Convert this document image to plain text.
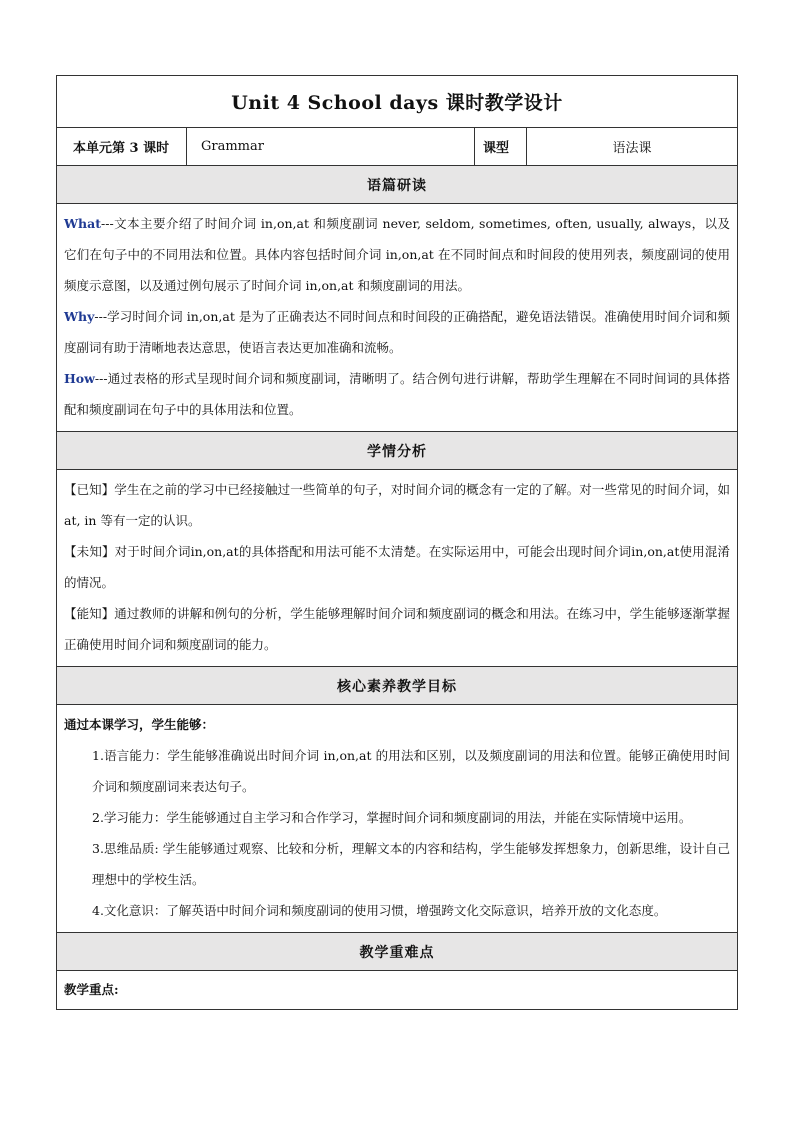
Unit 4 School days 课时教学设计
本单元第 3 课时	Grammar	课型	语法课
语篇研读

What---文本主要介绍了时间介词 in,on,at 和频度副词 never, seldom, sometimes, often, usually, always，以及它们在句子中的不同用法和位置。具体内容包括时间介词 in,on,at 在不同时间点和时间段的使用列表，频度副词的使用频度示意图，以及通过例句展示了时间介词 in,on,at 和频度副词的用法。

Why---学习时间介词 in,on,at 是为了正确表达不同时间点和时间段的正确搭配，避免语法错误。准确使用时间介词和频度副词有助于清晰地表达意思，使语言表达更加准确和流畅。

How---通过表格的形式呈现时间介词和频度副词，清晰明了。结合例句进行讲解，帮助学生理解在不同时间词的具体搭配和频度副词在句子中的具体用法和位置。

学情分析

【已知】学生在之前的学习中已经接触过一些简单的句子，对时间介词的概念有一定的了解。对一些常见的时间介词，如 at, in 等有一定的认识。

【未知】对于时间介词in,on,at的具体搭配和用法可能不太清楚。在实际运用中，可能会出现时间介词in,on,at使用混淆的情况。

【能知】通过教师的讲解和例句的分析，学生能够理解时间介词和频度副词的概念和用法。在练习中，学生能够逐渐掌握正确使用时间介词和频度副词的能力。

核心素养教学目标

通过本课学习，学生能够：

1.语言能力：学生能够准确说出时间介词 in,on,at 的用法和区别，以及频度副词的用法和位置。能够正确使用时间介词和频度副词来表达句子。

2.学习能力：学生能够通过自主学习和合作学习，掌握时间介词和频度副词的用法，并能在实际情境中运用。

3.思维品质: 学生能够通过观察、比较和分析，理解文本的内容和结构，学生能够发挥想象力，创新思维，设计自己理想中的学校生活。

4.文化意识：了解英语中时间介词和频度副词的使用习惯，增强跨文化交际意识，培养开放的文化态度。

教学重难点
教学重点:
